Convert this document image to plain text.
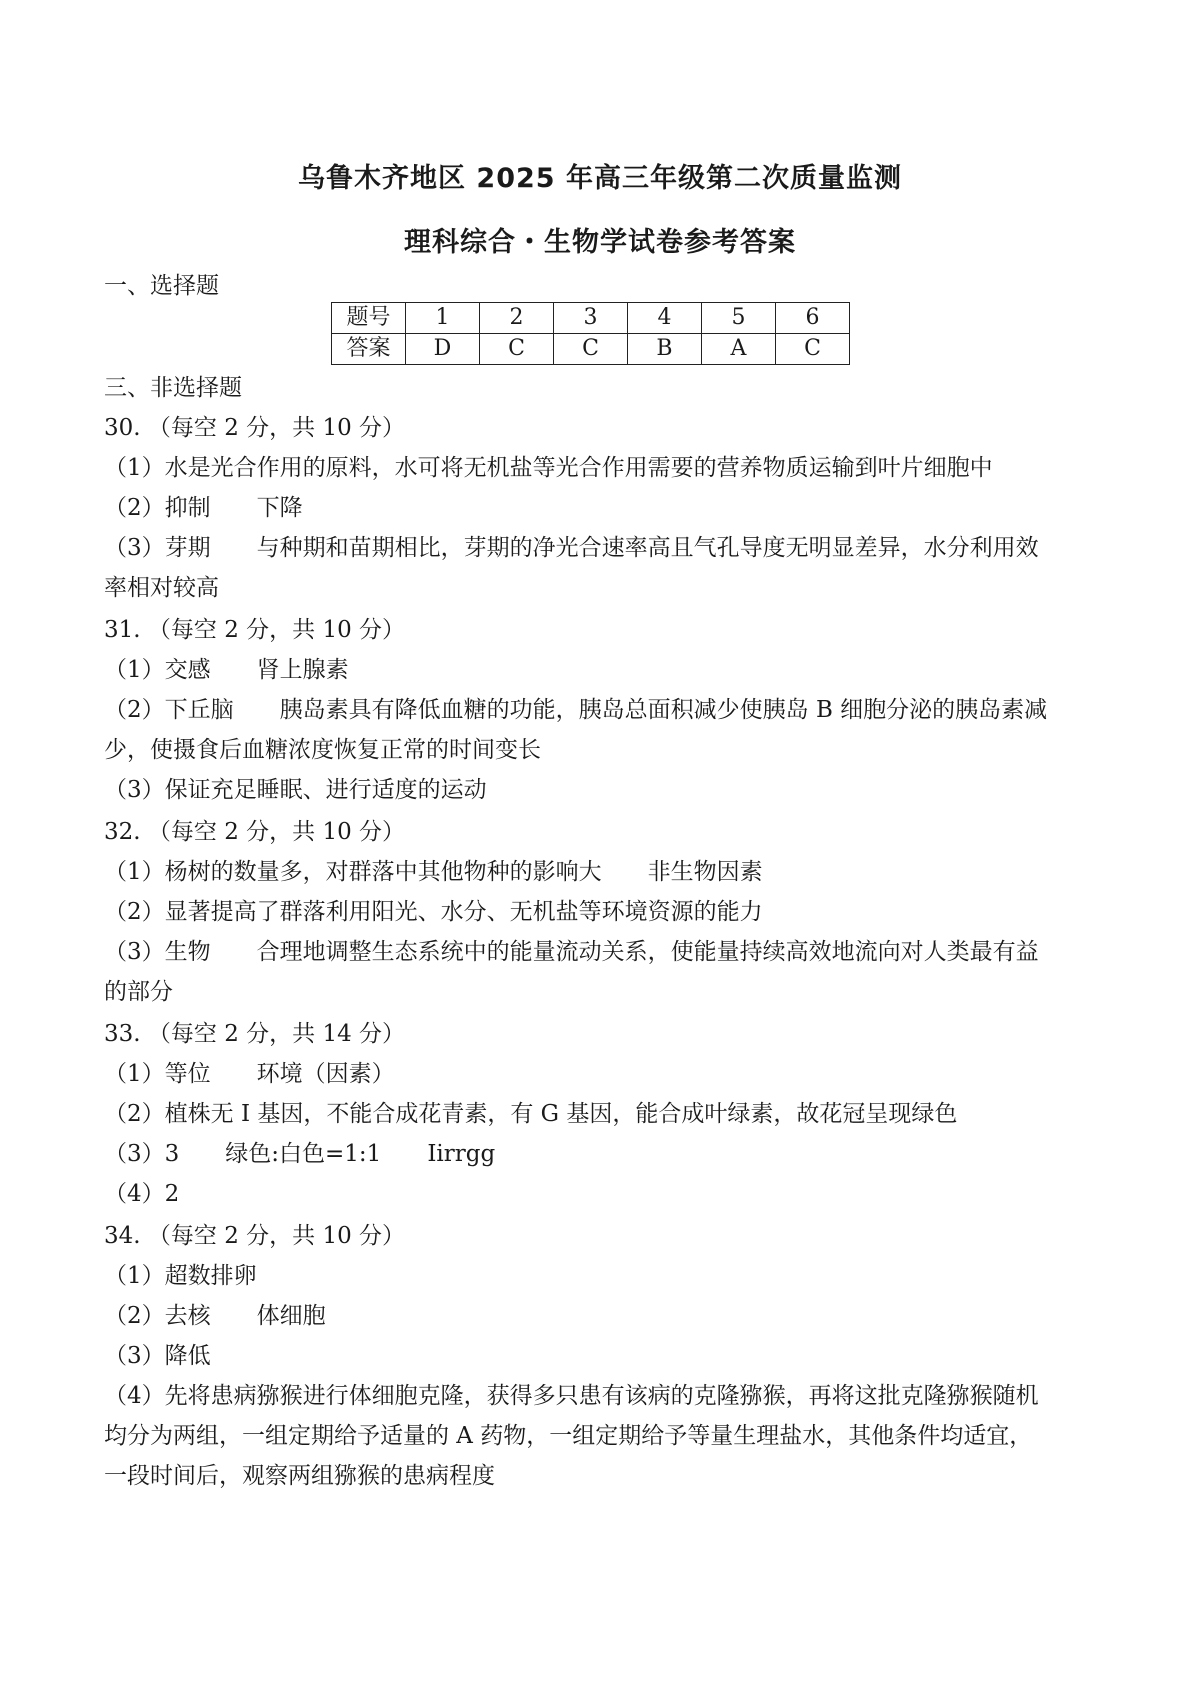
乌鲁木齐地区 2025 年高三年级第二次质量监测
理科综合・生物学试卷参考答案
一、选择题
题号	1	2	3	4	5	6
答案	D	C	C	B	A	C
三、非选择题
30. （每空 2 分，共 10 分）
（1）水是光合作用的原料，水可将无机盐等光合作用需要的营养物质运输到叶片细胞中
（2）抑制 下降
（3）芽期 与种期和苗期相比，芽期的净光合速率高且气孔导度无明显差异，水分利用效
率相对较高
31. （每空 2 分，共 10 分）
（1）交感 肾上腺素
（2）下丘脑 胰岛素具有降低血糖的功能，胰岛总面积减少使胰岛 B 细胞分泌的胰岛素减
少，使摄食后血糖浓度恢复正常的时间变长
（3）保证充足睡眠、进行适度的运动
32. （每空 2 分，共 10 分）
（1）杨树的数量多，对群落中其他物种的影响大 非生物因素
（2）显著提高了群落利用阳光、水分、无机盐等环境资源的能力
（3）生物 合理地调整生态系统中的能量流动关系，使能量持续高效地流向对人类最有益
的部分
33. （每空 2 分，共 14 分）
（1）等位 环境（因素）
（2）植株无 I 基因，不能合成花青素，有 G 基因，能合成叶绿素，故花冠呈现绿色
（3）3 绿色:白色=1:1 Iirrgg
（4）2
34. （每空 2 分，共 10 分）
（1）超数排卵
（2）去核 体细胞
（3）降低
（4）先将患病猕猴进行体细胞克隆，获得多只患有该病的克隆猕猴，再将这批克隆猕猴随机
均分为两组，一组定期给予适量的 A 药物，一组定期给予等量生理盐水，其他条件均适宜，
一段时间后，观察两组猕猴的患病程度
